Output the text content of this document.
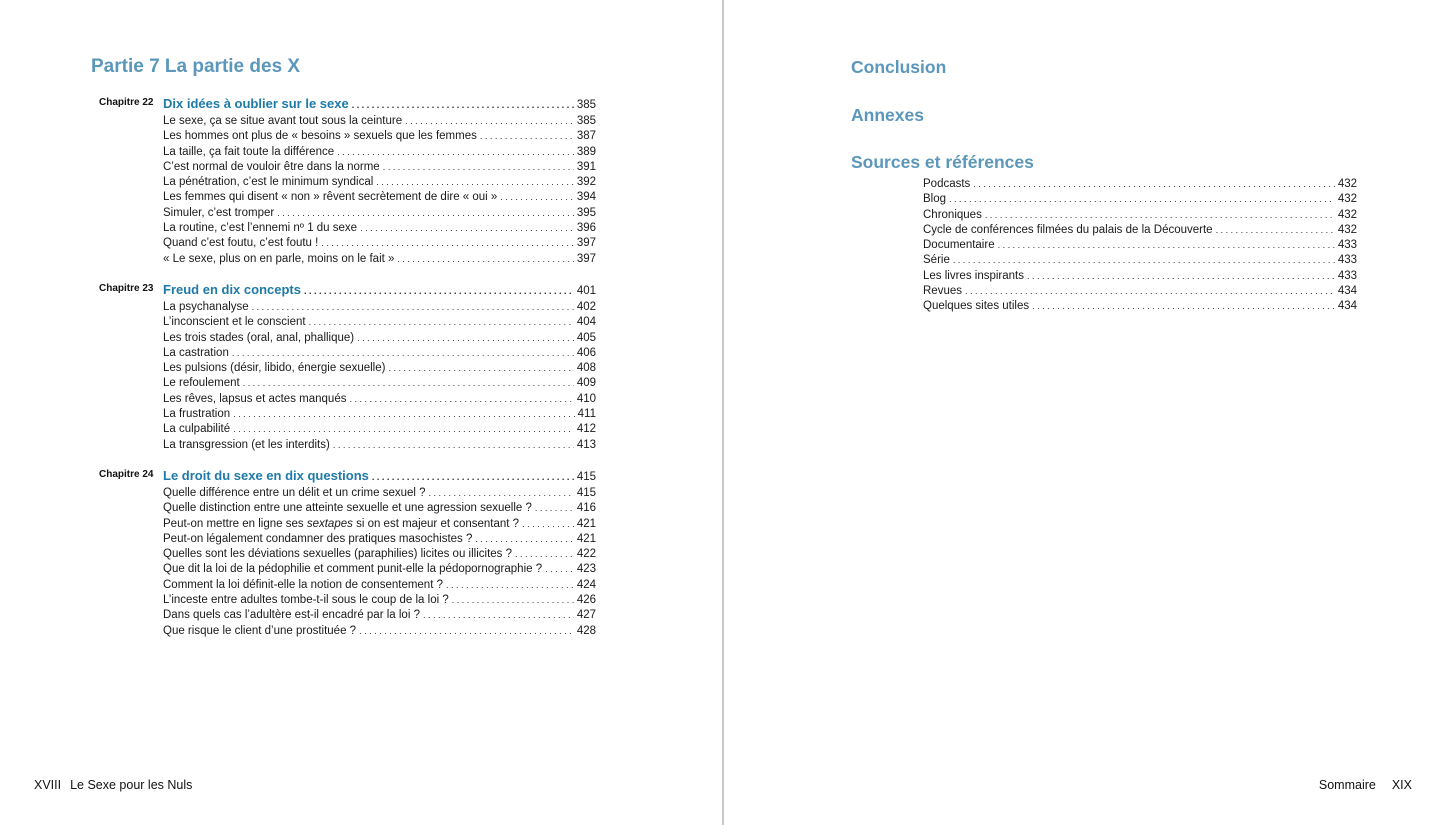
Partie 7 La partie des X
Chapitre 22 Dix idées à oublier sur le sexe . . .	385
Le sexe, ça se situe avant tout sous la ceinture . . .	385
Les hommes ont plus de « besoins » sexuels que les femmes . . .	387
La taille, ça fait toute la différence . . .	389
C’est normal de vouloir être dans la norme . . .	391
La pénétration, c’est le minimum syndical . . .	392
Les femmes qui disent « non » rêvent secrètement de dire « oui » . . .	394
Simuler, c’est tromper . . .	395
La routine, c’est l’ennemi nº 1 du sexe . . .	396
Quand c’est foutu, c’est foutu ! . . .	397
« Le sexe, plus on en parle, moins on le fait » . . .	397
Chapitre 23 Freud en dix concepts . . .	401
La psychanalyse . . .	402
L’inconscient et le conscient . . .	404
Les trois stades (oral, anal, phallique) . . .	405
La castration . . .	406
Les pulsions (désir, libido, énergie sexuelle) . . .	408
Le refoulement . . .	409
Les rêves, lapsus et actes manqués . . .	410
La frustration . . .	411
La culpabilité . . .	412
La transgression (et les interdits) . . .	413
Chapitre 24 Le droit du sexe en dix questions . . .	415
Quelle différence entre un délit et un crime sexuel ? . . .	415
Quelle distinction entre une atteinte sexuelle et une agression sexuelle ? . . .	416
Peut-on mettre en ligne ses sextapes si on est majeur et consentant ? . . .	421
Peut-on légalement condamner des pratiques masochistes ? . . .	421
Quelles sont les déviations sexuelles (paraphilies) licites ou illicites ? . . .	422
Que dit la loi de la pédophilie et comment punit-elle la pédopornographie ? . . .	423
Comment la loi définit-elle la notion de consentement ? . . .	424
L’inceste entre adultes tombe-t-il sous le coup de la loi ? . . .	426
Dans quels cas l’adultère est-il encadré par la loi ? . . .	427
Que risque le client d’une prostituée ? . . .	428
XVIII Le Sexe pour les Nuls
Conclusion
Annexes
Sources et références
Podcasts . . .	432
Blog . . .	432
Chroniques . . .	432
Cycle de conférences filmées du palais de la Découverte . . .	432
Documentaire . . .	433
Série . . .	433
Les livres inspirants . . .	433
Revues . . .	434
Quelques sites utiles . . .	434
Sommaire XIX
